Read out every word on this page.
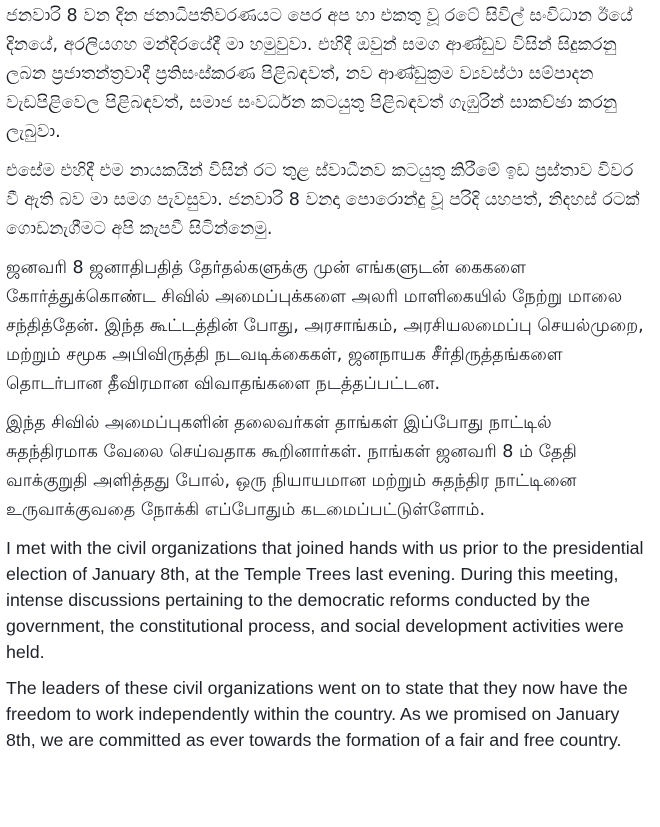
ජනවාරි 8 වන දින ජනාධිපතිවරණයට පෙර අප හා එකතු වූ රටේ සිවිල් සංවිධාන ඊයේ දිනයේ, අරලියගහ මන්දිරයේදී මා හමුවුවා. එහිදී ඔවුන් සමග ආණ්ඩුව විසින් සිදුකරනු ලබන ප්‍රජාතන්ත්‍රවාදී ප්‍රතිසංස්කරණ පිළිබඳවත්, නව ආණ්ඩුක්‍රම ව්‍යවස්ථා සම්පාදන වැඩපිළිවෙල පිළිබඳවත්, සමාජ සංවර්ධන කටයුතු පිළිබඳවත් ගැඹුරින් සාකච්ඡා කරනු ලැබුවා.

එසේම එහිදී එම නායකයින් විසින් රට තුළ ස්වාධීනව කටයුතු කිරීමේ ඉඩ ප්‍රස්තාව විවර වී ඇති බව මා සමග පැවසුවා. ජනවාරි 8 වනදා පොරොන්දු වූ පරිදි යහපත්, නිදහස් රටක් ගොඩනැගීමට අපි කැපවී සිටින්නෙමු.

ஜனவரி 8 ஜனாதிபதித் தேர்தல்களுக்கு முன் எங்களுடன் கைகளை கோர்த்துக்கொண்ட சிவில் அமைப்புக்களை அலரி மாளிகையில் நேற்று மாலை சந்தித்தேன். இந்த கூட்டத்தின் போது, அரசாங்கம், அரசியலமைப்பு செயல்முறை, மற்றும் சமூக அபிவிருத்தி நடவடிக்கைகள், ஜனநாயக சீர்திருத்தங்களை தொடர்பான தீவிரமான விவாதங்களை நடத்தப்பட்டன.

இந்த சிவில் அமைப்புகளின் தலைவர்கள் தாங்கள் இப்போது நாட்டில் சுதந்திரமாக வேலை செய்வதாக கூறினார்கள். நாங்கள் ஜனவரி 8 ம் தேதி வாக்குறுதி அளித்தது போல், ஒரு நியாயமான மற்றும் சுதந்திர நாட்டினை உருவாக்குவதை நோக்கி எப்போதும் கடமைப்பட்டுள்ளோம்.

I met with the civil organizations that joined hands with us prior to the presidential election of January 8th, at the Temple Trees last evening. During this meeting, intense discussions pertaining to the democratic reforms conducted by the government, the constitutional process, and social development activities were held.

The leaders of these civil organizations went on to state that they now have the freedom to work independently within the country. As we promised on January 8th, we are committed as ever towards the formation of a fair and free country.
